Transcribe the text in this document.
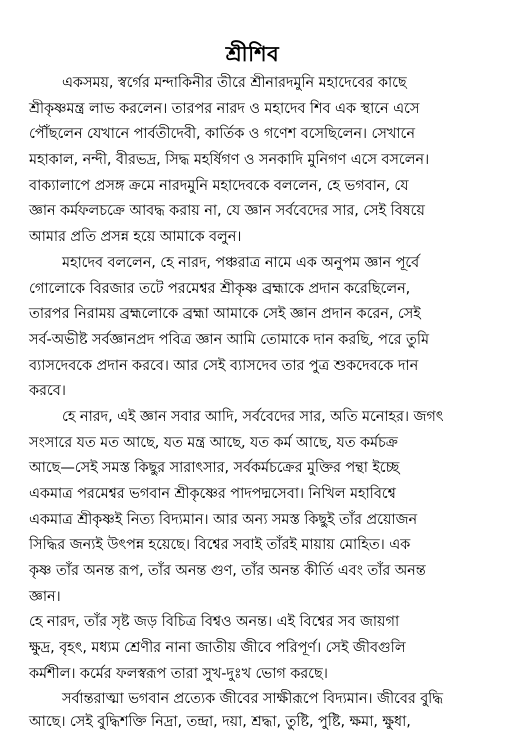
শ্রীশিব
একসময়, স্বর্গের মন্দাকিনীর তীরে শ্রীনারদমুনি মহাদেবের কাছে
শ্রীকৃষ্ণমন্ত্র লাভ করলেন। তারপর নারদ ও মহাদেব শিব এক স্থানে এসে
পৌঁছলেন যেখানে পার্বতীদেবী, কার্তিক ও গণেশ বসেছিলেন। সেখানে
মহাকাল, নন্দী, বীরভদ্র, সিদ্ধ মহর্ষিগণ ও সনকাদি মুনিগণ এসে বসলেন।
বাক্যালাপে প্রসঙ্গ ক্রমে নারদমুনি মহাদেবকে বললেন, হে ভগবান, যে
জ্ঞান কর্মফলচক্রে আবদ্ধ করায় না, যে জ্ঞান সর্ববেদের সার, সেই বিষয়ে
আমার প্রতি প্রসন্ন হয়ে আমাকে বলুন।
মহাদেব বললেন, হে নারদ, পঞ্চরাত্র নামে এক অনুপম জ্ঞান পূর্বে
গোলোকে বিরজার তটে পরমেশ্বর শ্রীকৃষ্ণ ব্রহ্মাকে প্রদান করেছিলেন,
তারপর নিরাময় ব্রহ্মলোকে ব্রহ্মা আমাকে সেই জ্ঞান প্রদান করেন, সেই
সর্ব-অভীষ্ট সর্বজ্ঞানপ্রদ পবিত্র জ্ঞান আমি তোমাকে দান করছি, পরে তুমি
ব্যাসদেবকে প্রদান করবে। আর সেই ব্যাসদেব তার পুত্র শুকদেবকে দান
করবে।
হে নারদ, এই জ্ঞান সবার আদি, সর্ববেদের সার, অতি মনোহর। জগৎ
সংসারে যত মত আছে, যত মন্ত্র আছে, যত কর্ম আছে, যত কর্মচক্র
আছে—সেই সমস্ত কিছুর সারাৎসার, সর্বকর্মচক্রের মুক্তির পন্থা ইচ্ছে
একমাত্র পরমেশ্বর ভগবান শ্রীকৃষ্ণের পাদপদ্মসেবা। নিখিল মহাবিশ্বে
একমাত্র শ্রীকৃষ্ণই নিত্য বিদ্যমান। আর অন্য সমস্ত কিছুই তাঁর প্রয়োজন
সিদ্ধির জন্যই উৎপন্ন হয়েছে। বিশ্বের সবাই তাঁরই মায়ায় মোহিত। এক
কৃষ্ণ তাঁর অনন্ত রূপ, তাঁর অনন্ত গুণ, তাঁর অনন্ত কীর্তি এবং তাঁর অনন্ত
জ্ঞান।
হে নারদ, তাঁর সৃষ্ট জড় বিচিত্র বিশ্বও অনন্ত। এই বিশ্বের সব জায়গা
ক্ষুদ্র, বৃহৎ, মধ্যম শ্রেণীর নানা জাতীয় জীবে পরিপূর্ণ। সেই জীবগুলি
কর্মশীল। কর্মের ফলস্বরূপ তারা সুখ-দুঃখ ভোগ করছে।
সর্বান্তরাত্মা ভগবান প্রত্যেক জীবের সাক্ষীরূপে বিদ্যমান। জীবের বুদ্ধি
আছে। সেই বুদ্ধিশক্তি নিদ্রা, তন্দ্রা, দয়া, শ্রদ্ধা, তুষ্টি, পুষ্টি, ক্ষমা, ক্ষুধা,
